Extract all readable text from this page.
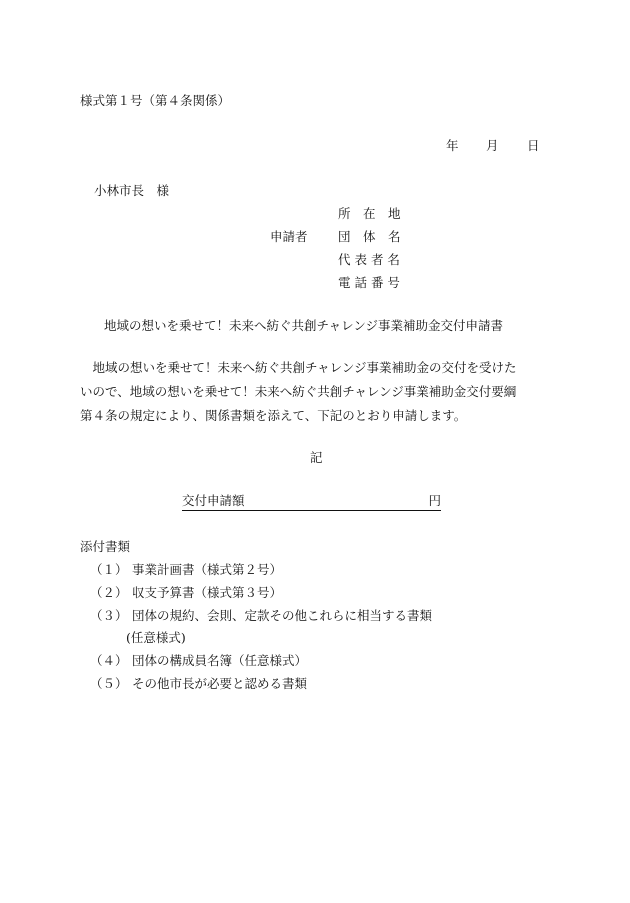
様式第１号（第４条関係）
年 月 日
小林市長　様
申請者
所　在　地
団　体　名
代 表 者 名
電 話 番 号
地域の想いを乗せて！未来へ紡ぐ共創チャレンジ事業補助金交付申請書

　地域の想いを乗せて！未来へ紡ぐ共創チャレンジ事業補助金の交付を受けた

いので、地域の想いを乗せて！未来へ紡ぐ共創チャレンジ事業補助金交付要綱

第４条の規定により、関係書類を添えて、下記のとおり申請します。

記
交付申請額	円
添付書類
（１） 事業計画書（様式第２号）
（２） 収支予算書（様式第３号）
（３） 団体の規約、会則、定款その他これらに相当する書類
(任意様式)
（４） 団体の構成員名簿（任意様式）
（５） その他市長が必要と認める書類
